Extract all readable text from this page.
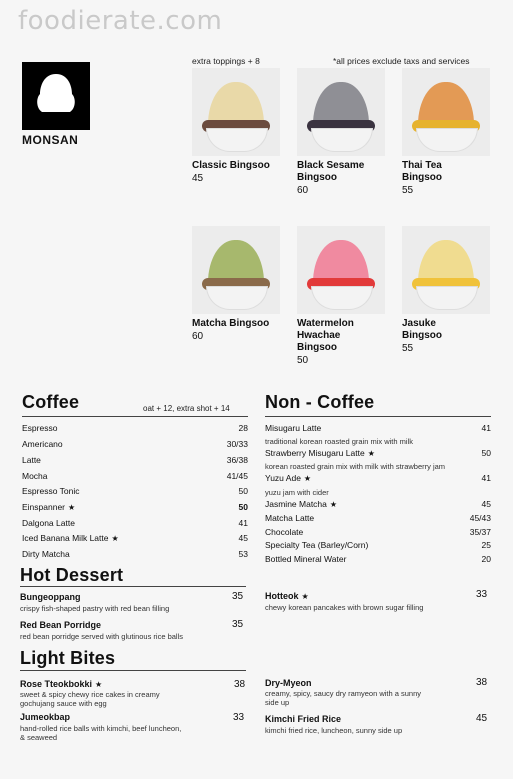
foodierate.com
extra toppings + 8	*all prices exclude taxs and services
MONSAN
Classic Bingsoo
45
Black Sesame
Bingsoo
60
Thai Tea
Bingsoo
55
Matcha Bingsoo
60
Watermelon
Hwachae
Bingsoo
50
Jasuke
Bingsoo
55
Coffee	oat + 12, extra shot + 14
Espresso	28
Americano	30/33
Latte	36/38
Mocha	41/45
Espresso Tonic	50
Einspanner ★	50
Dalgona Latte	41
Iced Banana Milk Latte ★	45
Dirty Matcha	53
Non - Coffee
Misugaru Latte	41
traditional korean roasted grain mix with milk
Strawberry Misugaru Latte ★	50
korean roasted grain mix with milk with strawberry jam
Yuzu Ade ★	41
yuzu jam with cider
Jasmine Matcha ★	45
Matcha Latte	45/43
Chocolate	35/37
Specialty Tea (Barley/Corn)	25
Bottled Mineral Water	20
Hot Dessert
Bungeoppang	35
crispy fish-shaped pastry with red bean filling
Red Bean Porridge	35
red bean porridge served with glutinous rice balls
Hotteok ★	33
chewy korean pancakes with brown sugar filling
Light Bites
Rose Tteokbokki ★	38
sweet & spicy chewy rice cakes in creamy
gochujang sauce with egg
Jumeokbap	33
hand-rolled rice balls with kimchi, beef luncheon,
& seaweed
Dry-Myeon	38
creamy, spicy, saucy dry ramyeon with a sunny
side up
Kimchi Fried Rice	45
kimchi fried rice, luncheon, sunny side up
